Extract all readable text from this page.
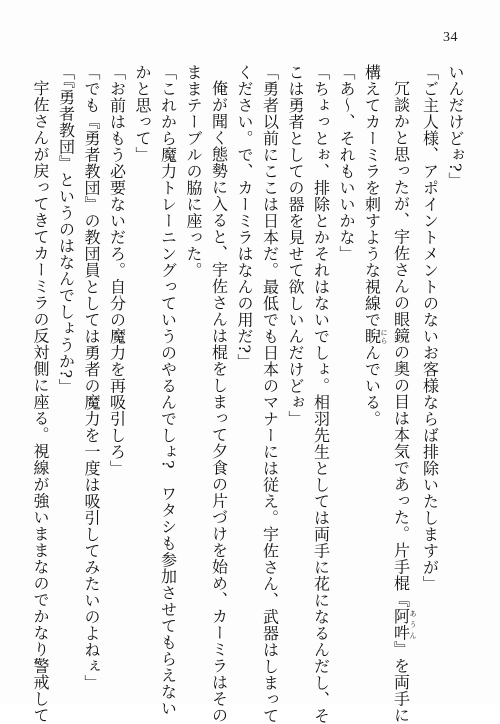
34
いんだけどぉ?」
「ご主人様、アポイントメントのないお客様ならば排除いたしますが」
冗談かと思ったが、宇佐さんの眼鏡の奥の目は本気であった。片手棍『阿吽あうん』を両手に
構えてカーミラを刺すような視線で睨にらんでいる。
「あ〜、それもいいかな」
「ちょっとぉ、排除とかそれはないでしょ。相羽先生としては両手に花になるんだし、そ
こは勇者としての器を見せて欲しいんだけどぉ」
「勇者以前にここは日本だ。最低でも日本のマナーには従え。宇佐さん、武器はしまって
ください。で、カーミラはなんの用だ?」
俺が聞く態勢に入ると、宇佐さんは棍をしまって夕食の片づけを始め、カーミラはその
ままテーブルの脇に座った。
「これから魔力トレーニングっていうのやるんでしょ?　ワタシも参加させてもらえない
かと思って」
「お前はもう必要ないだろ。自分の魔力を再吸引しろ」
「でも『勇者教団』の教団員としては勇者の魔力を一度は吸引してみたいのよねぇ」
「『勇者教団』というのはなんでしょうか?」
宇佐さんが戻ってきてカーミラの反対側に座る。視線が強いままなのでかなり警戒して
